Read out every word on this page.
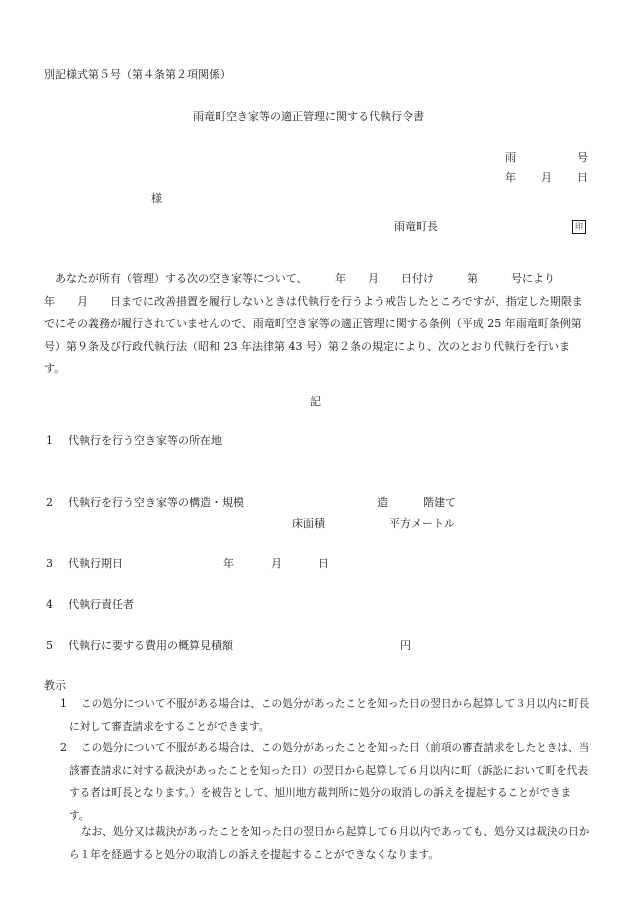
別記様式第５号（第４条第２項関係）
雨竜町空き家等の適正管理に関する代執行令書
雨	号
年 月 日
様
雨竜町長	印
あなたが所有（管理）する次の空き家等について、　　　年　　月　　日付け　　　第　　　号により　　　　年　　月　　日までに改善措置を履行しないときは代執行を行うよう戒告したところですが、指定した期限までにその義務が履行されていませんので、雨竜町空き家等の適正管理に関する条例（平成 25 年雨竜町条例第　号）第９条及び行政代執行法（昭和 23 年法律第 43 号）第２条の規定により、次のとおり代執行を行います。
記
1 代執行を行う空き家等の所在地
2 代執行を行う空き家等の構造・規模	造	階建て
床面積	平方メートル
3 代執行期日	年	月	日
4 代執行責任者
5 代執行に要する費用の概算見積額	円
教示
1	この処分について不服がある場合は、この処分があったことを知った日の翌日から起算して３月以内に町長に対して審査請求をすることができます。
2	この処分について不服がある場合は、この処分があったことを知った日（前項の審査請求をしたときは、当該審査請求に対する裁決があったことを知った日）の翌日から起算して６月以内に町（訴訟において町を代表する者は町長となります。）を被告として、旭川地方裁判所に処分の取消しの訴えを提起することができます。
なお、処分又は裁決があったことを知った日の翌日から起算して６月以内であっても、処分又は裁決の日から１年を経過すると処分の取消しの訴えを提起することができなくなります。
